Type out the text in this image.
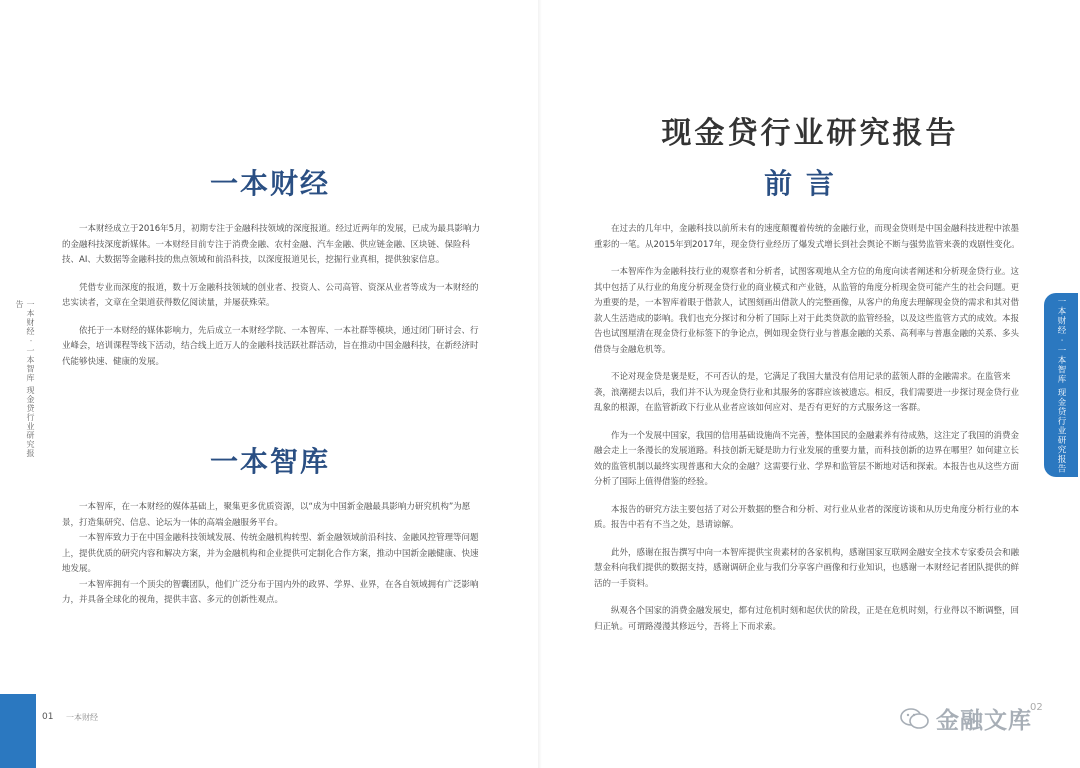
一本财经 · 一本智库 现金贷行业研究报告
一本财经

一本财经成立于2016年5月，初期专注于金融科技领域的深度报道。经过近两年的发展，已成为最具影响力的金融科技深度新媒体。一本财经目前专注于消费金融、农村金融、汽车金融、供应链金融、区块链、保险科技、AI、大数据等金融科技的焦点领域和前沿科技，以深度报道见长，挖掘行业真相，提供独家信息。

凭借专业而深度的报道，数十万金融科技领域的创业者、投资人、公司高管、资深从业者等成为一本财经的忠实读者，文章在全渠道获得数亿阅读量，并屡获殊荣。

依托于一本财经的媒体影响力，先后成立一本财经学院、一本智库、一本社群等模块，通过闭门研讨会、行业峰会，培训课程等线下活动，结合线上近万人的金融科技活跃社群活动，旨在推动中国金融科技，在新经济时代能够快速、健康的发展。

一本智库

一本智库，在一本财经的媒体基础上，聚集更多优质资源，以“成为中国新金融最具影响力研究机构”为愿景，打造集研究、信息、论坛为一体的高端金融服务平台。

一本智库致力于在中国金融科技领域发展、传统金融机构转型、新金融领域前沿科技、金融风控管理等问题上，提供优质的研究内容和解决方案，并为金融机构和企业提供可定制化合作方案，推动中国新金融健康、快速地发展。

一本智库拥有一个顶尖的智囊团队，他们广泛分布于国内外的政界、学界、业界，在各自领域拥有广泛影响力，并具备全球化的视角，提供丰富、多元的创新性观点。

01 一本财经
现金贷行业研究报告
前 言

在过去的几年中，金融科技以前所未有的速度颠覆着传统的金融行业，而现金贷则是中国金融科技进程中浓墨重彩的一笔。从2015年到2017年，现金贷行业经历了爆发式增长到社会舆论不断与强势监管来袭的戏剧性变化。

一本智库作为金融科技行业的观察者和分析者，试图客观地从全方位的角度向读者阐述和分析现金贷行业。这其中包括了从行业的角度分析现金贷行业的商业模式和产业链，从监管的角度分析现金贷可能产生的社会问题。更为重要的是，一本智库着眼于借款人，试图刻画出借款人的完整画像，从客户的角度去理解现金贷的需求和其对借款人生活造成的影响。我们也充分探讨和分析了国际上对于此类贷款的监管经验，以及这些监管方式的成效。本报告也试图厘清在现金贷行业标签下的争论点，例如现金贷行业与普惠金融的关系、高利率与普惠金融的关系、多头借贷与金融危机等。

不论对现金贷是褒是贬，不可否认的是，它满足了我国大量没有信用记录的蓝领人群的金融需求。在监管来袭，浪潮褪去以后，我们并不认为现金贷行业和其服务的客群应该被遗忘。相反，我们需要进一步探讨现金贷行业乱象的根源，在监管新政下行业从业者应该如何应对、是否有更好的方式服务这一客群。

作为一个发展中国家，我国的信用基础设施尚不完善，整体国民的金融素养有待成熟，这注定了我国的消费金融会走上一条漫长的发展道路。科技创新无疑是助力行业发展的重要力量，而科技创新的边界在哪里？如何建立长效的监管机制以最终实现普惠和大众的金融？这需要行业、学界和监管层不断地对话和探索。本报告也从这些方面分析了国际上值得借鉴的经验。

本报告的研究方法主要包括了对公开数据的整合和分析、对行业从业者的深度访谈和从历史角度分析行业的本质。报告中若有不当之处，恳请谅解。

此外，感谢在报告撰写中向一本智库提供宝贵素材的各家机构，感谢国家互联网金融安全技术专家委员会和融慧金科向我们提供的数据支持，感谢调研企业与我们分享客户画像和行业知识，也感谢一本财经记者团队提供的鲜活的一手资料。

纵观各个国家的消费金融发展史，都有过危机时刻和起伏伏的阶段，正是在危机时刻，行业得以不断调整，回归正轨。可谓路漫漫其修远兮，吾将上下而求索。

一本财经 · 一本智库 现金贷行业研究报告
金融文库
02
